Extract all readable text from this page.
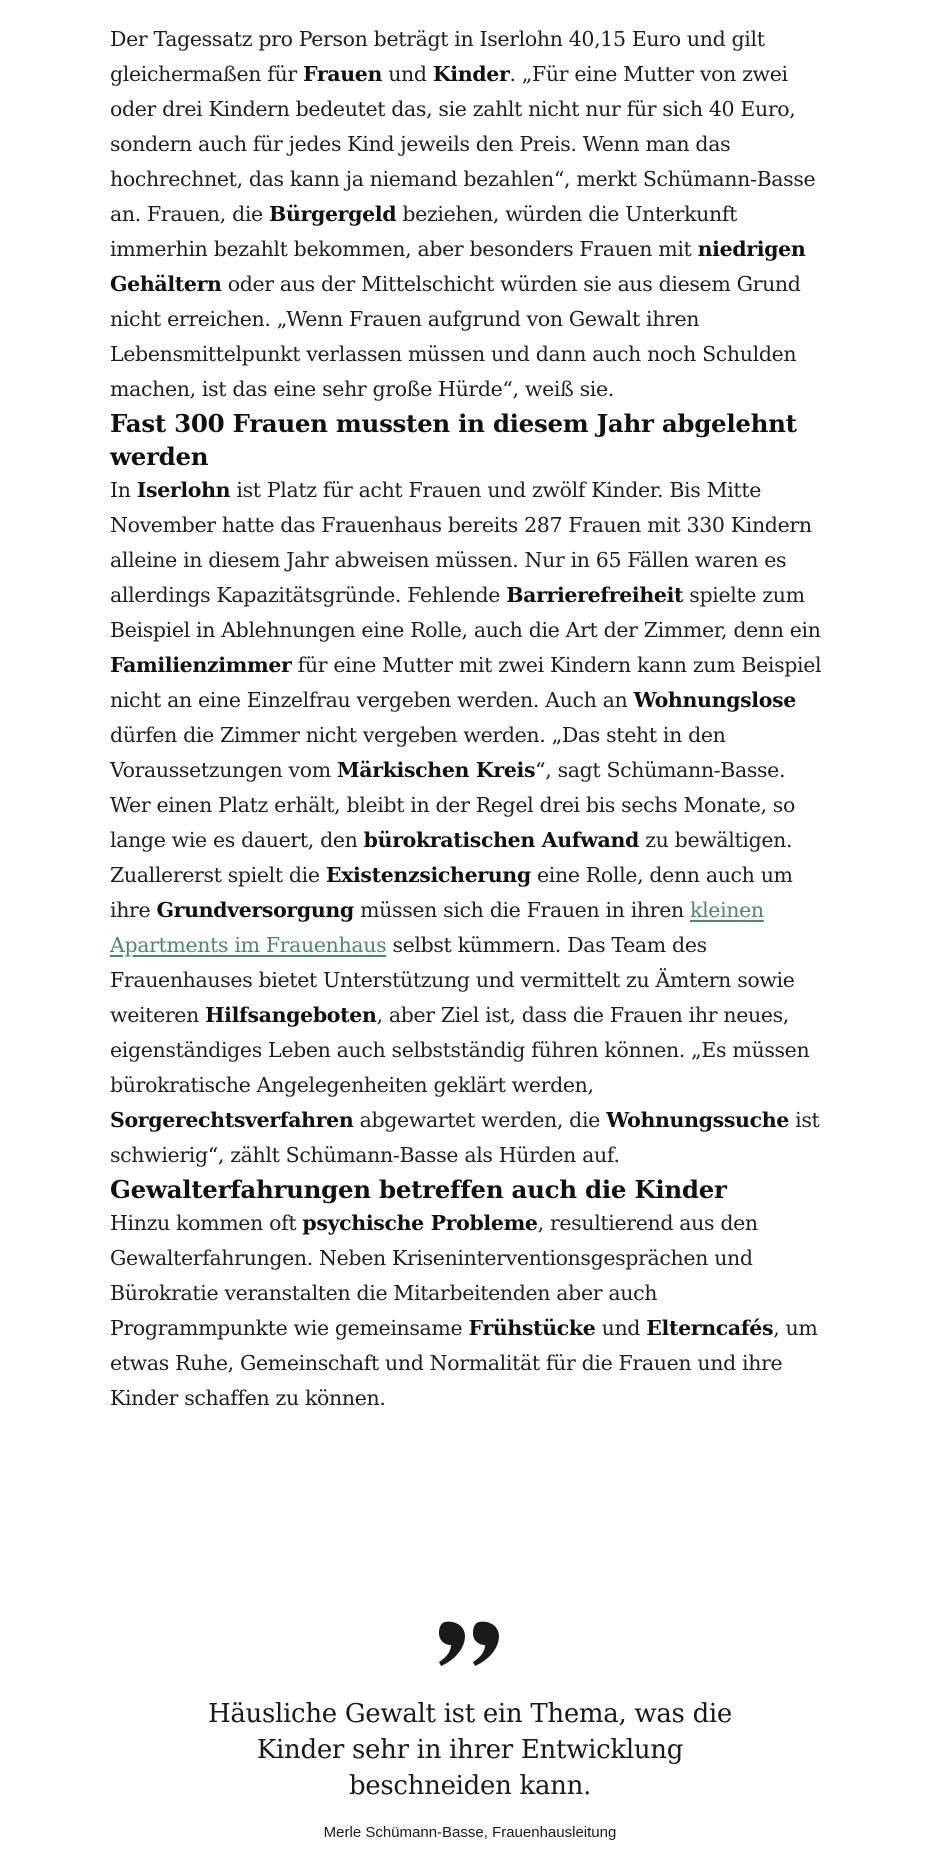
Der Tagessatz pro Person beträgt in Iserlohn 40,15 Euro und gilt gleichermaßen für Frauen und Kinder. „Für eine Mutter von zwei oder drei Kindern bedeutet das, sie zahlt nicht nur für sich 40 Euro, sondern auch für jedes Kind jeweils den Preis. Wenn man das hochrechnet, das kann ja niemand bezahlen“, merkt Schümann-Basse an. Frauen, die Bürgergeld beziehen, würden die Unterkunft immerhin bezahlt bekommen, aber besonders Frauen mit niedrigen Gehältern oder aus der Mittelschicht würden sie aus diesem Grund nicht erreichen. „Wenn Frauen aufgrund von Gewalt ihren Lebensmittelpunkt verlassen müssen und dann auch noch Schulden machen, ist das eine sehr große Hürde“, weiß sie.

Fast 300 Frauen mussten in diesem Jahr abgelehnt werden

In Iserlohn ist Platz für acht Frauen und zwölf Kinder. Bis Mitte November hatte das Frauenhaus bereits 287 Frauen mit 330 Kindern alleine in diesem Jahr abweisen müssen. Nur in 65 Fällen waren es allerdings Kapazitätsgründe. Fehlende Barrierefreiheit spielte zum Beispiel in Ablehnungen eine Rolle, auch die Art der Zimmer, denn ein Familienzimmer für eine Mutter mit zwei Kindern kann zum Beispiel nicht an eine Einzelfrau vergeben werden. Auch an Wohnungslose dürfen die Zimmer nicht vergeben werden. „Das steht in den Voraussetzungen vom Märkischen Kreis“, sagt Schümann-Basse.

Wer einen Platz erhält, bleibt in der Regel drei bis sechs Monate, so lange wie es dauert, den bürokratischen Aufwand zu bewältigen. Zuallererst spielt die Existenzsicherung eine Rolle, denn auch um ihre Grundversorgung müssen sich die Frauen in ihren kleinen Apartments im Frauenhaus selbst kümmern. Das Team des Frauenhauses bietet Unterstützung und vermittelt zu Ämtern sowie weiteren Hilfsangeboten, aber Ziel ist, dass die Frauen ihr neues, eigenständiges Leben auch selbstständig führen können. „Es müssen bürokratische Angelegenheiten geklärt werden, Sorgerechtsverfahren abgewartet werden, die Wohnungssuche ist schwierig“, zählt Schümann-Basse als Hürden auf.

Gewalterfahrungen betreffen auch die Kinder

Hinzu kommen oft psychische Probleme, resultierend aus den Gewalterfahrungen. Neben Kriseninterventionsgesprächen und Bürokratie veranstalten die Mitarbeitenden aber auch Programmpunkte wie gemeinsame Frühstücke und Elterncafés, um etwas Ruhe, Gemeinschaft und Normalität für die Frauen und ihre Kinder schaffen zu können.

Häusliche Gewalt ist ein Thema, was die Kinder sehr in ihrer Entwicklung beschneiden kann.
Merle Schümann-Basse, Frauenhausleitung
